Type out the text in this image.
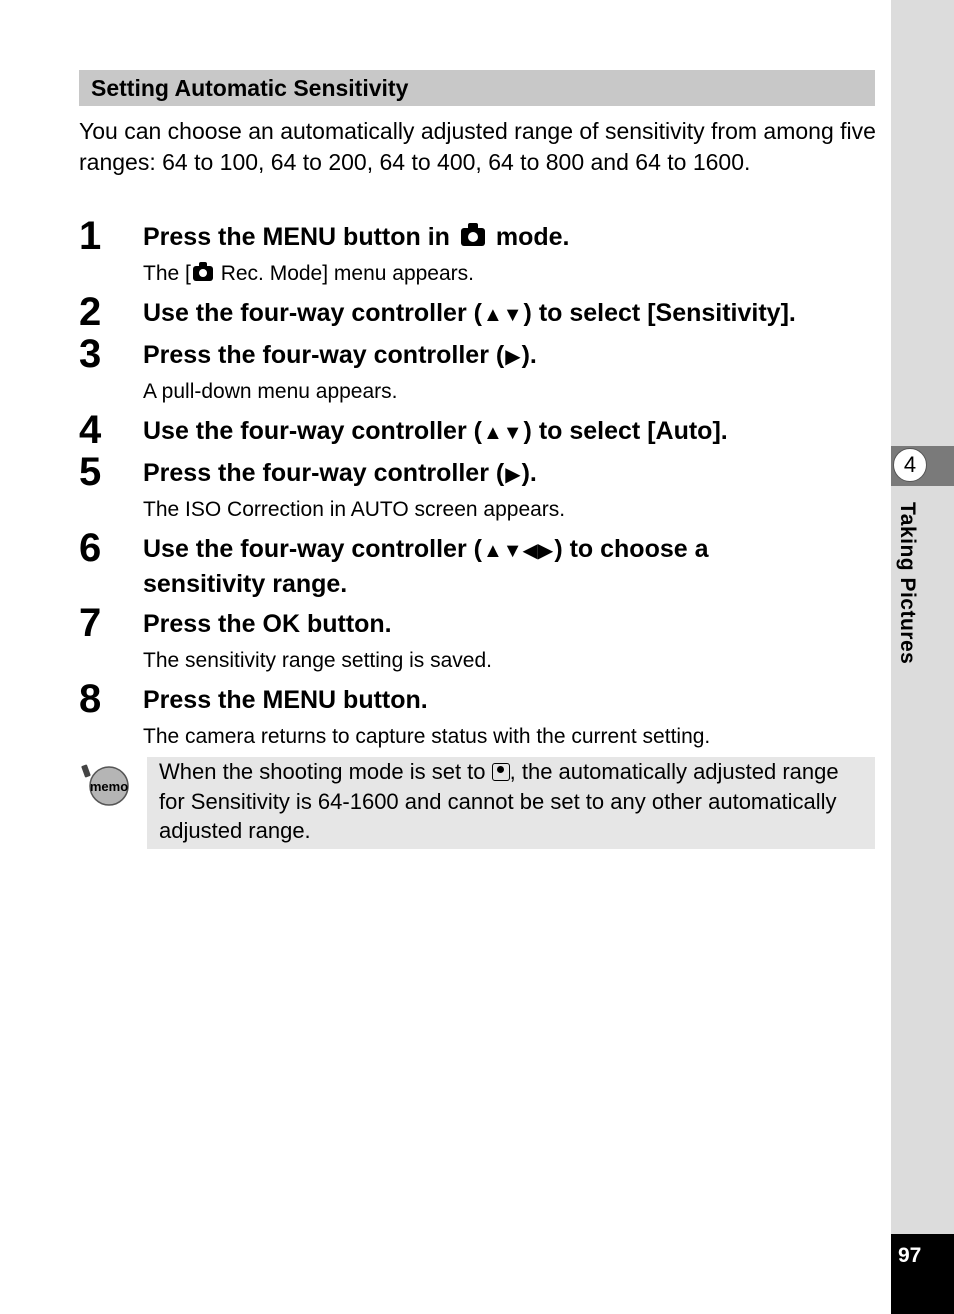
4
Taking Pictures
97
Setting Automatic Sensitivity

You can choose an automatically adjusted range of sensitivity from among five ranges: 64 to 100, 64 to 200, 64 to 400, 64 to 800 and 64 to 1600.

1 Press the MENU button in  mode.

The [ Rec. Mode] menu appears.

2 Use the four-way controller (▲▼) to select [Sensitivity].

3 Press the four-way controller (▶).

A pull-down menu appears.

4 Use the four-way controller (▲▼) to select [Auto].

5 Press the four-way controller (▶).

The ISO Correction in AUTO screen appears.

6 Use the four-way controller (▲▼◀▶) to choose a sensitivity range.

7 Press the OK button.

The sensitivity range setting is saved.

8 Press the MENU button.

The camera returns to capture status with the current setting.

memo

When the shooting mode is set to , the automatically adjusted range for Sensitivity is 64-1600 and cannot be set to any other automatically adjusted range.
